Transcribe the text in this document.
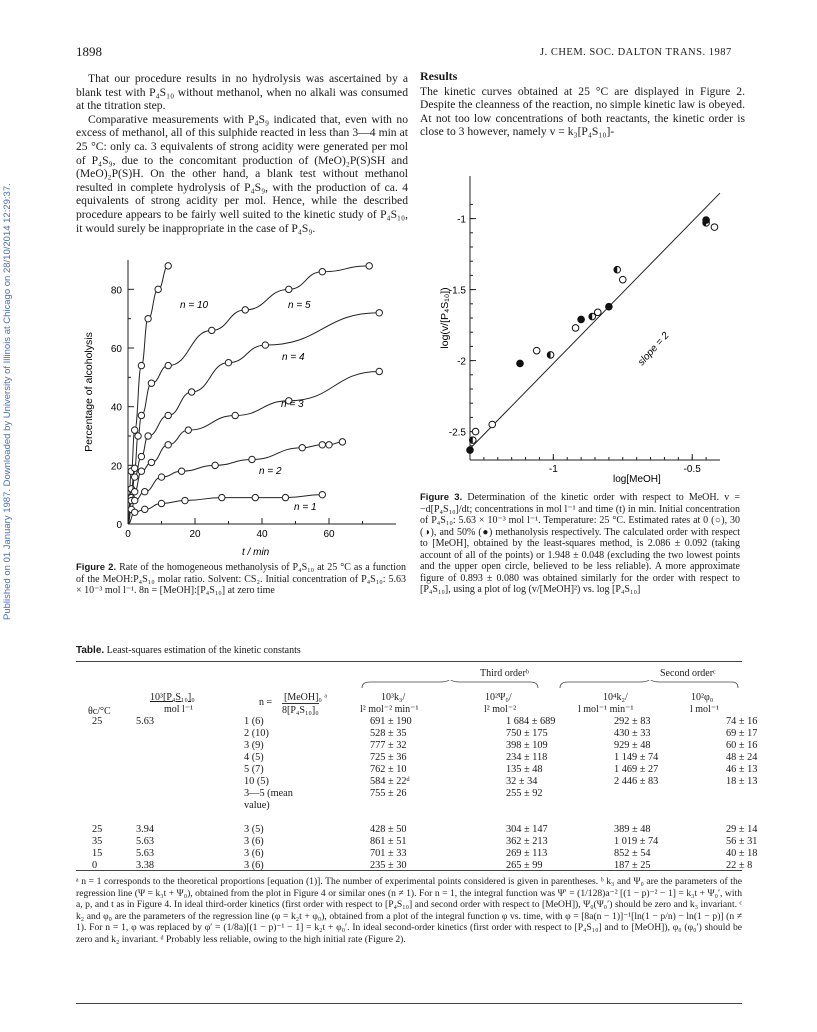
Published on 01 January 1987. Downloaded by University of Illinois at Chicago on 28/10/2014 12:29:37.
1898	J. CHEM. SOC. DALTON TRANS. 1987

That our procedure results in no hydrolysis was ascertained by a blank test with P₄S₁₀ without methanol, when no alkali was consumed at the titration step.

Comparative measurements with P₄S₉ indicated that, even with no excess of methanol, all of this sulphide reacted in less than 3—4 min at 25 °C: only ca. 3 equivalents of strong acidity were generated per mol of P₄S₉, due to the concomitant production of (MeO)₂P(S)SH and (MeO)₂P(S)H. On the other hand, a blank test without methanol resulted in complete hydrolysis of P₄S₉, with the production of ca. 4 equivalents of strong acidity per mol. Hence, while the described procedure appears to be fairly well suited to the kinetic study of P₄S₁₀, it would surely be inappropriate in the case of P₄S₉.

Results

The kinetic curves obtained at 25 °C are displayed in Figure 2. Despite the cleanness of the reaction, no simple kinetic law is obeyed. At not too low concentrations of both reactants, the kinetic order is close to 3 however, namely v = k₃[P₄S₁₀]-

0
20
40
60
80
0	20	40	60
t / min
Percentage of alcoholysis
n = 10	n = 5
n = 4
n = 3
n = 2
n = 1
Figure 2. Rate of the homogeneous methanolysis of P₄S₁₀ at 25 °C as a function of the MeOH:P₄S₁₀ molar ratio. Solvent: CS₂. Initial concentration of P₄S₁₀: 5.63 × 10⁻³ mol l⁻¹. 8n = [MeOH]:[P₄S₁₀] at zero time
-1
-1.5
-2
-2.5
-1	-0.5
log[MeOH]
log(v/[P₄S₁₀])
slope = 2
Figure 3. Determination of the kinetic order with respect to MeOH. v = −d[P₄S₁₀]/dt; concentrations in mol l⁻¹ and time (t) in min. Initial concentration of P₄S₁₀: 5.63 × 10⁻³ mol l⁻¹. Temperature: 25 °C. Estimated rates at 0 (○), 30 (◑), and 50% (●) methanolysis respectively. The calculated order with respect to [MeOH], obtained by the least-squares method, is 2.086 ± 0.092 (taking account of all of the points) or 1.948 ± 0.048 (excluding the two lowest points and the upper open circle, believed to be less reliable). A more approximate figure of 0.893 ± 0.080 was obtained similarly for the order with respect to [P₄S₁₀], using a plot of log (v/[MeOH]²) vs. log [P₄S₁₀]
Table. Least-squares estimation of the kinetic constants
Third orderᵇ	Second orderᶜ
10³[P₄S₁₀]₀
mol l⁻¹
θc/°C
n = [MeOH]₀ ᵃ
8[P₄S₁₀]₀
10³k₃/
l² mol⁻² min⁻¹
10²Ψ₀/
l² mol⁻²
10⁴k₂/
l mol⁻¹ min⁻¹
10²φ₀
l mol⁻¹
25	5.63	1 (6)	691 ± 190	1 684 ± 689	292 ± 83	74 ± 16
		2 (10)	528 ± 35	750 ± 175	430 ± 33	69 ± 17
		3 (9)	777 ± 32	398 ± 109	929 ± 48	60 ± 16
		4 (5)	725 ± 36	234 ± 118	1 149 ± 74	48 ± 24
		5 (7)	762 ± 10	135 ± 48	1 469 ± 27	46 ± 13
		10 (5)	584 ± 22ᵈ	32 ± 34	2 446 ± 83	18 ± 13
		3—5 (mean	755 ± 26	255 ± 92		
		value)				

25	3.94	3 (5)	428 ± 50	304 ± 147	389 ± 48	29 ± 14
35	5.63	3 (6)	861 ± 51	362 ± 213	1 019 ± 74	56 ± 31
15	5.63	3 (6)	701 ± 33	269 ± 113	852 ± 54	40 ± 18
0	3.38	3 (6)	235 ± 30	265 ± 99	187 ± 25	22 ± 8
ᵃ n = 1 corresponds to the theoretical proportions [equation (1)]. The number of experimental points considered is given in parentheses. ᵇ k₃ and Ψ₀ are the parameters of the regression line (Ψ = k₃t + Ψ₀), obtained from the plot in Figure 4 or similar ones (n ≠ 1). For n = 1, the integral function was Ψ′ = (1/128)a⁻² [(1 − p)⁻² − 1] = k₃t + Ψ₀′, with a, p, and t as in Figure 4. In ideal third-order kinetics (first order with respect to [P₄S₁₀] and second order with respect to [MeOH]), Ψ₀(Ψ₀′) should be zero and k₃ invariant. ᶜ k₂ and φ₀ are the parameters of the regression line (φ = k₂t + φ₀), obtained from a plot of the integral function φ vs. time, with φ = [8a(n − 1)]⁻¹[ln(1 − p/n) − ln(1 − p)] (n ≠ 1). For n = 1, φ was replaced by φ′ = (1/8a)[(1 − p)⁻¹ − 1] = k₂t + φ₀′. In ideal second-order kinetics (first order with respect to [P₄S₁₀] and to [MeOH]), φ₀ (φ₀′) should be zero and k₂ invariant. ᵈ Probably less reliable, owing to the high initial rate (Figure 2).
